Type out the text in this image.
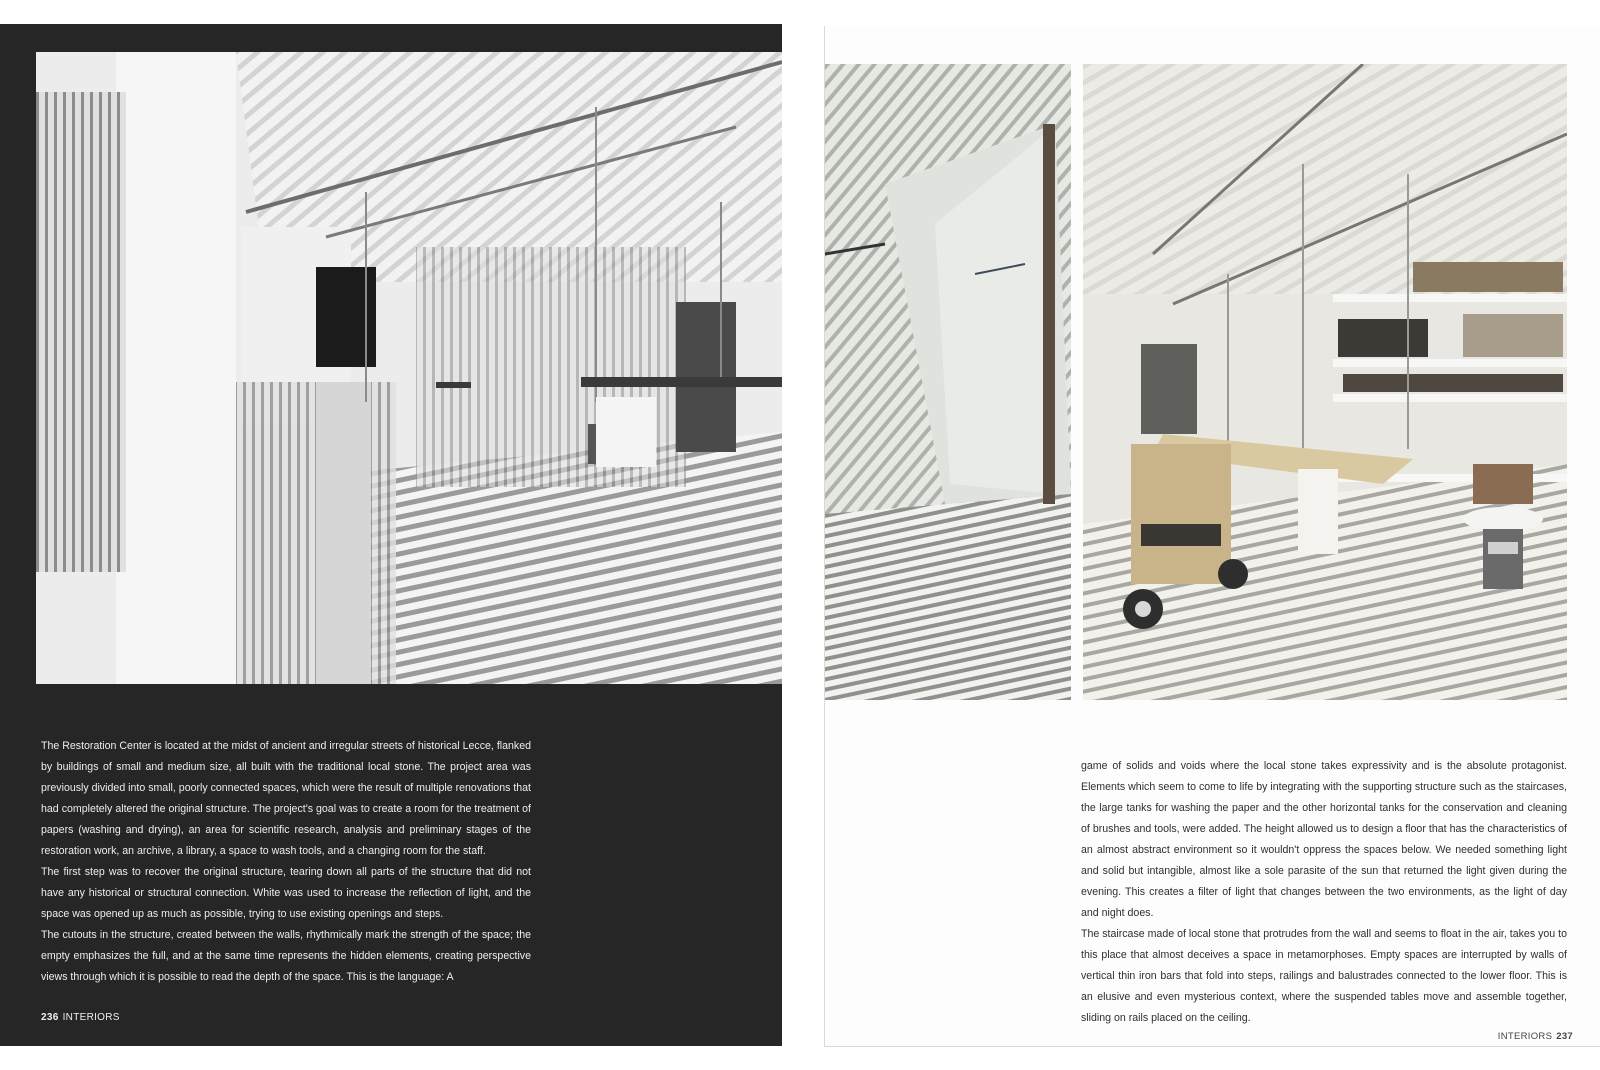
The Restoration Center is located at the midst of ancient and irregular streets of historical Lecce, flanked by buildings of small and medium size, all built with the traditional local stone. The project area was previously divided into small, poorly connected spaces, which were the result of multiple renovations that had completely altered the original structure. The project's goal was to create a room for the treatment of papers (washing and drying), an area for scientific research, analysis and preliminary stages of the restoration work, an archive, a library, a space to wash tools, and a changing room for the staff.

The first step was to recover the original structure, tearing down all parts of the structure that did not have any historical or structural connection. White was used to increase the reflection of light, and the space was opened up as much as possible, trying to use existing openings and steps.

The cutouts in the structure, created between the walls, rhythmically mark the strength of the space; the empty emphasizes the full, and at the same time represents the hidden elements, creating perspective views through which it is possible to read the depth of the space. This is the language: A

236 INTERIORS

game of solids and voids where the local stone takes expressivity and is the absolute protagonist. Elements which seem to come to life by integrating with the supporting structure such as the staircases, the large tanks for washing the paper and the other horizontal tanks for the conservation and cleaning of brushes and tools, were added. The height allowed us to design a floor that has the characteristics of an almost abstract environment so it wouldn't oppress the spaces below. We needed something light and solid but intangible, almost like a sole parasite of the sun that returned the light given during the evening. This creates a filter of light that changes between the two environments, as the light of day and night does.

The staircase made of local stone that protrudes from the wall and seems to float in the air, takes you to this place that almost deceives a space in metamorphoses. Empty spaces are interrupted by walls of vertical thin iron bars that fold into steps, railings and balustrades connected to the lower floor. This is an elusive and even mysterious context, where the suspended tables move and assemble together, sliding on rails placed on the ceiling.

INTERIORS 237
